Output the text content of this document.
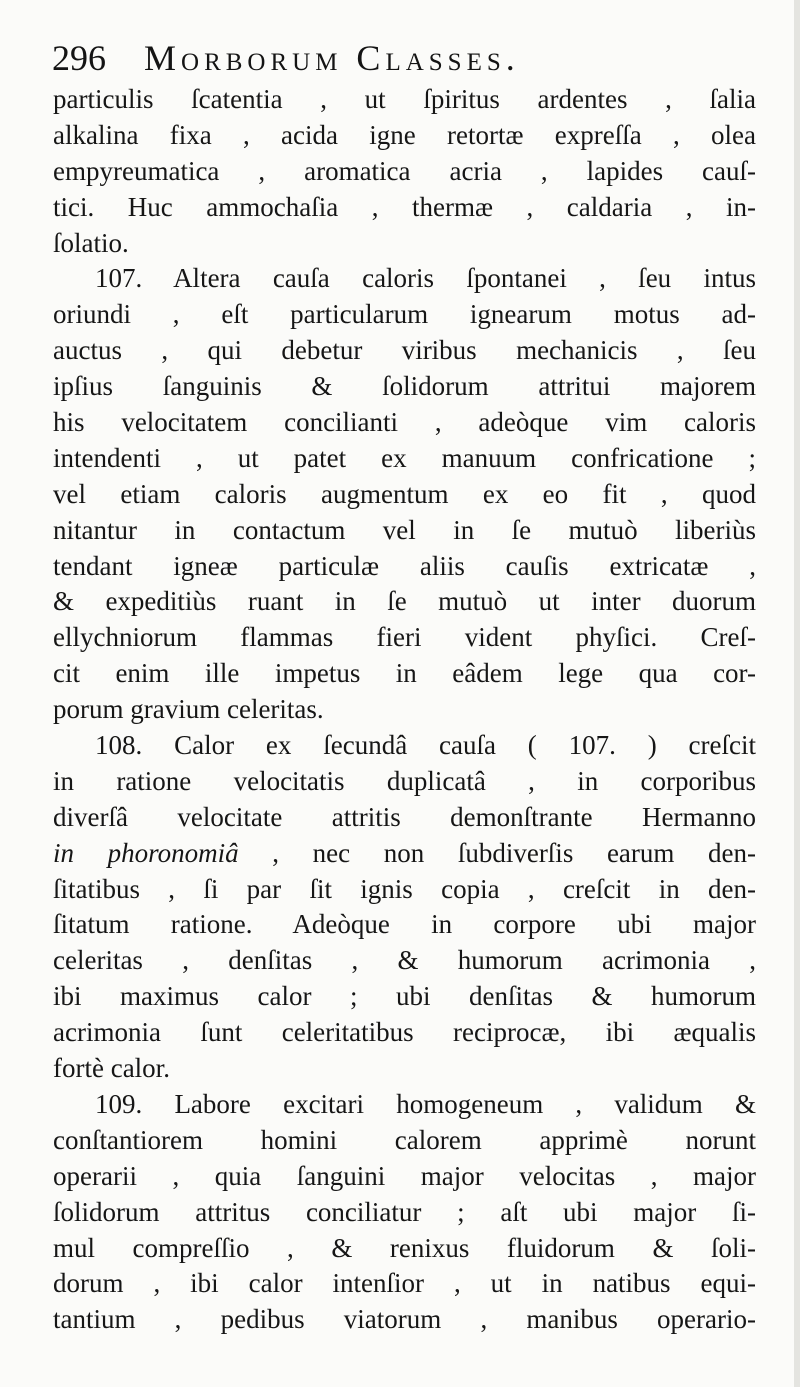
296 Morborum Classes.
particulis ſcatentia , ut ſpiritus ardentes , ſalia
alkalina fixa , acida igne retortæ expreſſa , olea
empyreumatica , aromatica acria , lapides cauſ-
tici. Huc ammochaſia , thermæ , caldaria , in-
ſolatio.
107. Altera cauſa caloris ſpontanei , ſeu intus
oriundi , eſt particularum ignearum motus ad-
auctus , qui debetur viribus mechanicis , ſeu
ipſius ſanguinis & ſolidorum attritui majorem
his velocitatem concilianti , adeòque vim caloris
intendenti , ut patet ex manuum confricatione ;
vel etiam caloris augmentum ex eo fit , quod
nitantur in contactum vel in ſe mutuò liberiùs
tendant igneæ particulæ aliis cauſis extricatæ ,
& expeditiùs ruant in ſe mutuò ut inter duorum
ellychniorum flammas fieri vident phyſici. Creſ-
cit enim ille impetus in eâdem lege qua cor-
porum gravium celeritas.
108. Calor ex ſecundâ cauſa ( 107. ) creſcit
in ratione velocitatis duplicatâ , in corporibus
diverſâ velocitate attritis demonſtrante Hermanno
in phoronomiâ , nec non ſubdiverſis earum den-
ſitatibus , ſi par ſit ignis copia , creſcit in den-
ſitatum ratione. Adeòque in corpore ubi major
celeritas , denſitas , & humorum acrimonia ,
ibi maximus calor ; ubi denſitas & humorum
acrimonia ſunt celeritatibus reciprocæ, ibi æqualis
fortè calor.
109. Labore excitari homogeneum , validum &
conſtantiorem homini calorem apprimè norunt
operarii , quia ſanguini major velocitas , major
ſolidorum attritus conciliatur ; aſt ubi major ſi-
mul compreſſio , & renixus fluidorum & ſoli-
dorum , ibi calor intenſior , ut in natibus equi-
tantium , pedibus viatorum , manibus operario-
